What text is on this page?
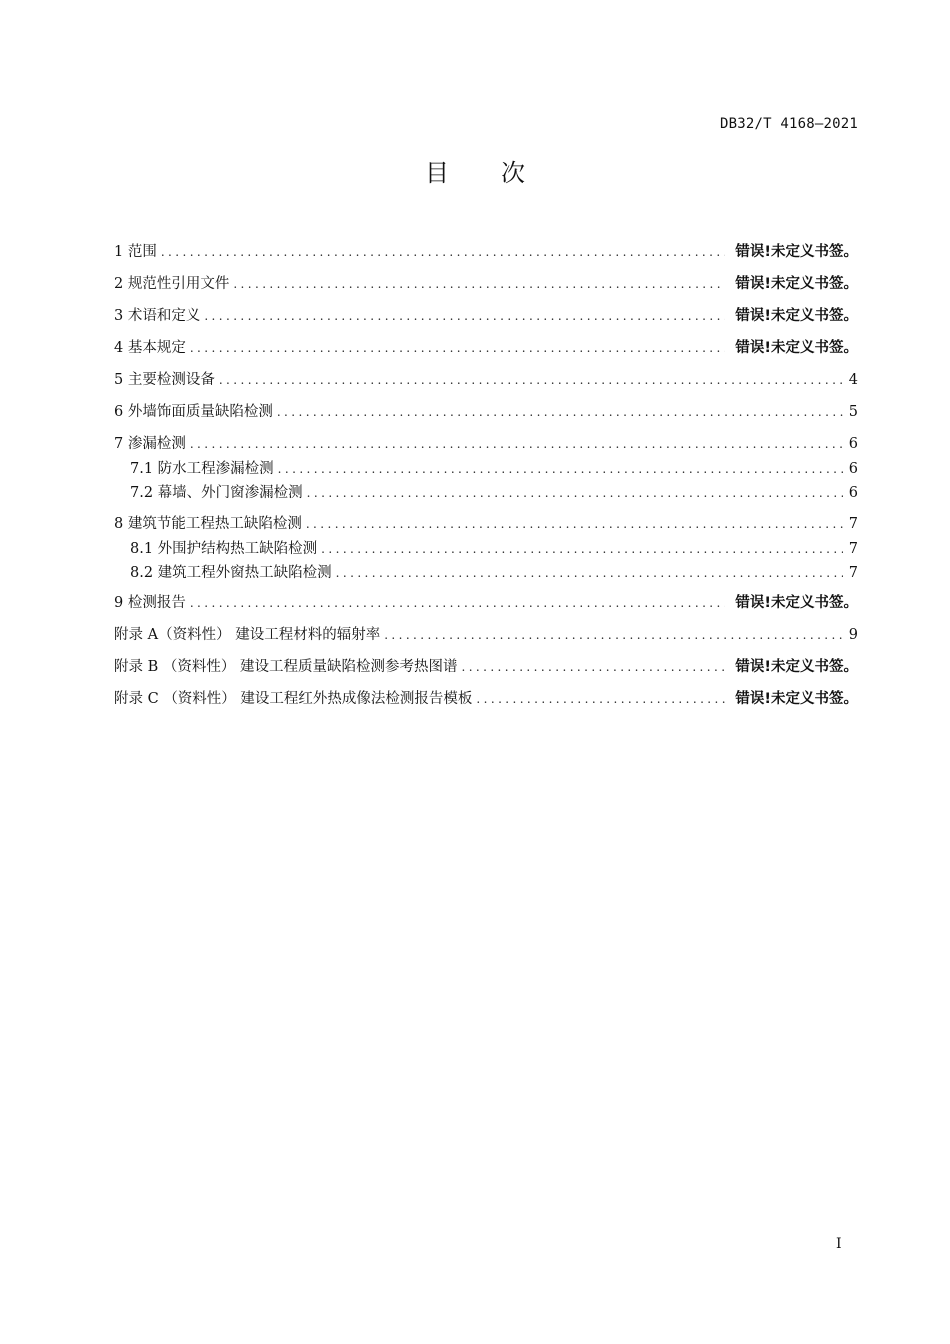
DB32/T 4168—2021
目次
1 范围 .....	错误!未定义书签。
2 规范性引用文件 .....	错误!未定义书签。
3 术语和定义 .....	错误!未定义书签。
4 基本规定 .....	错误!未定义书签。
5 主要检测设备 .....	4
6 外墙饰面质量缺陷检测 .....	5
7 渗漏检测 .....	6
7.1 防水工程渗漏检测 .....	6
7.2 幕墙、外门窗渗漏检测 .....	6
8 建筑节能工程热工缺陷检测 .....	7
8.1 外围护结构热工缺陷检测 .....	7
8.2 建筑工程外窗热工缺陷检测 .....	7
9 检测报告 .....	错误!未定义书签。
附录 A（资料性） 建设工程材料的辐射率 .....	9
附录 B （资料性） 建设工程质量缺陷检测参考热图谱 .....	错误!未定义书签。
附录 C （资料性） 建设工程红外热成像法检测报告模板 .....	错误!未定义书签。
I
